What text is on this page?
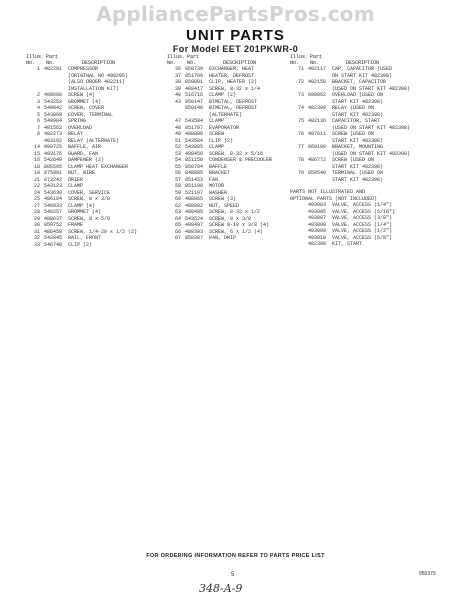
AppliancePartsPros.com
UNIT PARTS
For Model EET 201PKWR-0
Illus.
No.
Part
No.	DESCRIPTION
1 482291	COMPRESSOR
(ORIGINAL NO 490295)
(ALSO ORDER 482211)
INSTALLATION KIT)
2 488600	SCREW (4)
3 543253	GROMMET (4)
4 549842	SCREW, COVER
5 543868	COVER, TERMINAL
6 549984	SPRING
7 481562	OVERLOAD
8 482273	RELAY
483102	RELAY (ALTERNATE)
14 990725	BAFFLE, AIR
15 493175	GUARD, FAN
16 542649	DAMPENER (2)
18 886595	CLAMP HEAT EXCHANGER
19 975991	NUT, WIRE
21 873242	DRIER
22 543123	CLAMP
24 543630	COVER, SERVICE
25 486194	SCREW, 8 x 3/8
27 546033	CLAMP (4)
28 548257	GROMMET (4)
29 488637	SCREW, 8 x 5/8
30 850752	FRAME
31 486458	SCREW, 1/4-20 x 1/2 (2)
32 542845	RAIL, FRONT
33 546748	CLIP (2)
Illus.
No.
Part
No.	DESCRIPTION
36 850739	EXCHANGER, HEAT
37 851709	HEATER, DEFROST
38 850881	CLIP, HEATER (2)
39 488417	SCREW, 8-32 x 1/4
40 516716	CLAMP (2)
43 850147	BIMETAL, DEFROST
850148	BIMETAL, DEFROST
(ALTERNATE)
47 543584	CLAMP
48 851707	EVAPORATOR
49 488880	SCREW
51 543584	CLIP (2)
52 543885	CLAMP
53 488456	SCREW, 8-32 x 5/16
54 851150	CONDENSER & PRECOOLER
55 850704	BAFFLE
56 848885	BRACKET
57 851453	FAN
58 851100	MOTOR
59 521107	WASHER
60 488865	SCREW (3)
62 488992	NUT, SPEED
63 488485	SCREW, 8-32 x 1/2
64 543524	SCREW, 8 x 3/8
65 488497	SCREW 8-18 x 3/8 (4)
66 488393	SCREW, 6 x 1/2 (4)
67 850387	PAN, DRIP
Illus.
No.
Part
No.	DESCRIPTION
71 482117	CAP, CAPACITOR (USED
ON START KIT 482398)
72 482158	BRACKET, CAPACITOR
(USED ON START KIT 482398)
73 690862	OVERLOAD (USED ON
START KIT 482398)
74 482399	RELAY (USED ON
START KIT 482398)
75 482136	CAPACITOR, START
(USED ON START KIT 482398)
76 487611	SCREW (USED ON
START KIT 482398)
77 869100	BRACKET, MOUNTING
(USED ON START KIT 482398)
78 486772	SCREW (USED ON
START KIT 482398)
79 850540	TERMINAL (USED ON
START KIT 482398)
PARTS NOT ILLUSTRATED AND
OPTIONAL PARTS (NOT INCLUDED)
493003	VALVE, ACCESS (1/4")
493005	VALVE, ACCESS (5/16")
493007	VALVE, ACCESS (3/8")
493008	VALVE, ACCESS (1/4")
493009	VALVE, ACCESS (1/2")
493010	VALVE, ACCESS (5/8")
482398	KIT, START
FOR ORDERING INFORMATION REFER TO PARTS PRICE LIST
5	950379
348-A-9
